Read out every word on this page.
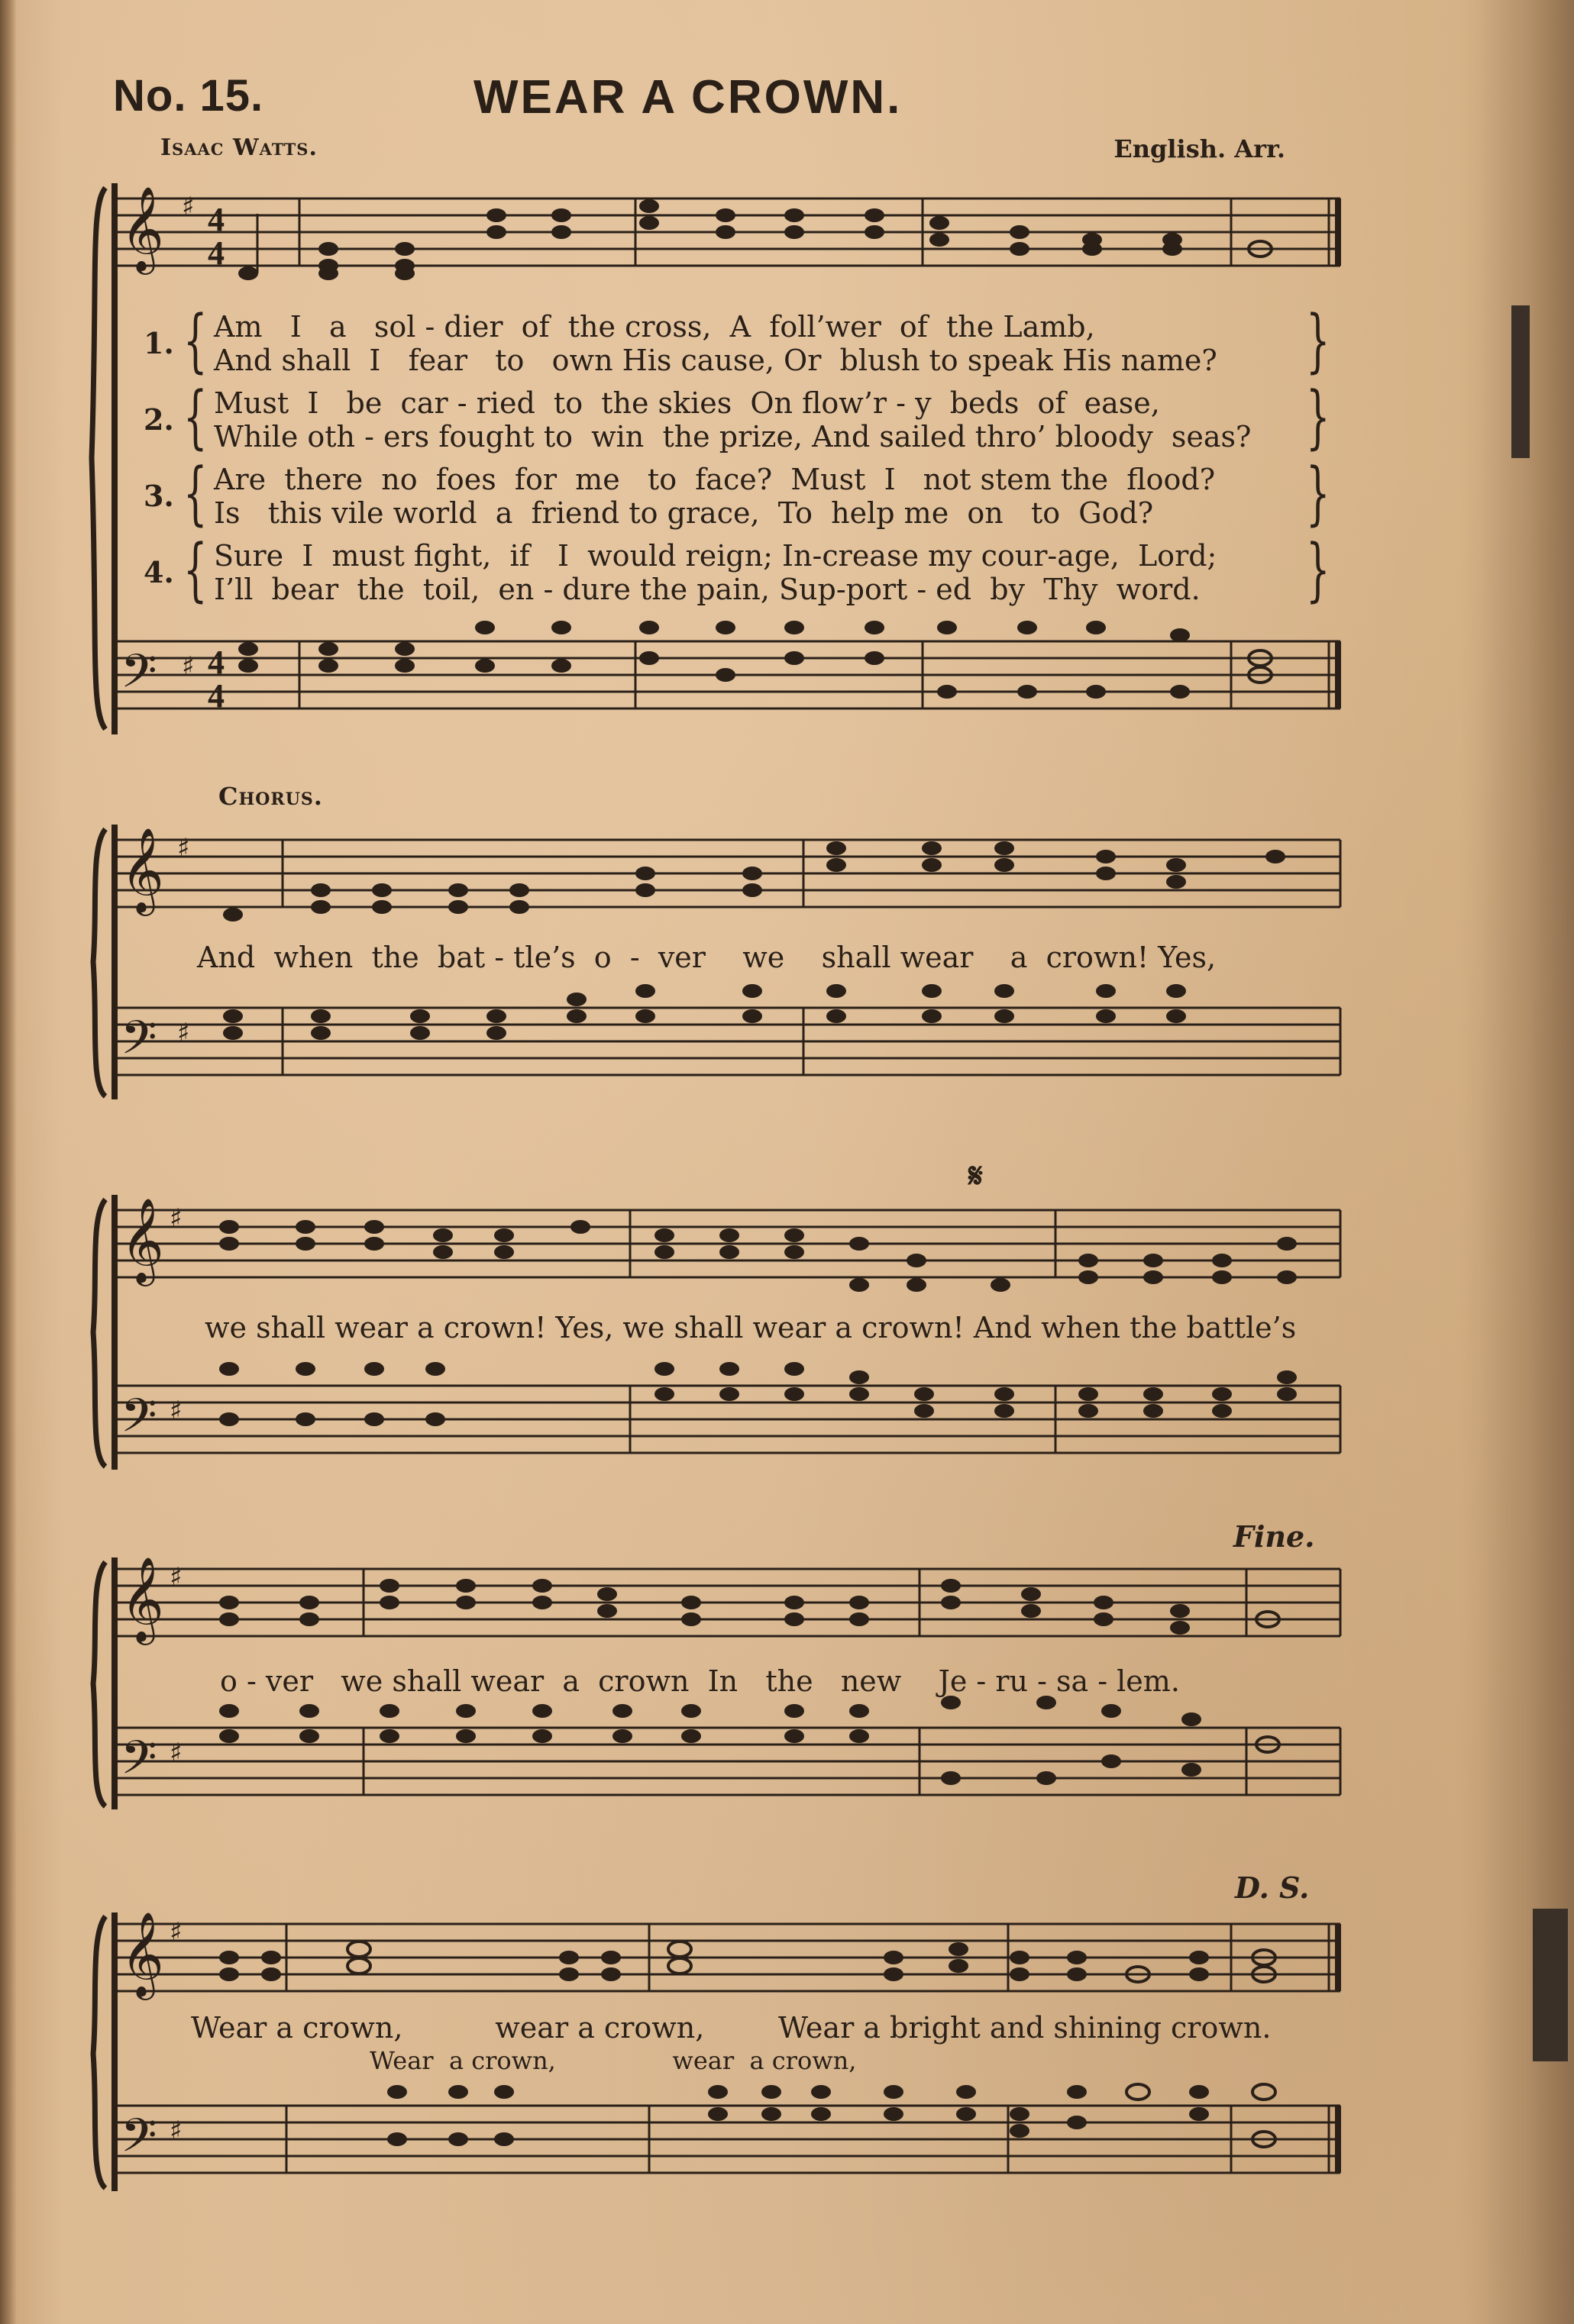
No. 15.	WEAR A CROWN.
Isaac Watts.	English. Arr.
𝄞
𝄢
♯
♯
4
4
4
4
1. { Am   I   a   sol - dier  of  the cross,  A  foll’wer  of  the Lamb,
And shall  I   fear   to   own His cause, Or  blush to speak His name? }
2. { Must  I   be  car - ried  to  the skies  On flow’r - y  beds  of  ease,
While oth - ers fought to  win  the prize, And sailed thro’ bloody  seas? }
3. { Are  there  no  foes  for  me   to  face?  Must  I   not stem the  flood?
Is   this vile world  a  friend to grace,  To  help me  on   to  God? }
4. { Sure  I  must fight,  if   I  would reign; In-crease my cour-age,  Lord;
I’ll  bear  the  toil,  en - dure the pain, Sup-port - ed  by  Thy  word. }
Chorus.
𝄞
𝄢
♯
♯
And  when  the  bat - tle’s  o  -  ver    we    shall wear    a  crown! Yes,
𝄋
𝄞
𝄢
♯
♯
we shall wear a crown! Yes, we shall wear a crown! And when the battle’s
Fine.
𝄞
𝄢
♯
♯
o - ver   we shall wear  a  crown  In   the   new    Je - ru - sa - lem.
D. S.
𝄞
𝄢
♯
♯
Wear a crown,          wear a crown,        Wear a bright and shining crown.
Wear  a crown,               wear  a crown,
